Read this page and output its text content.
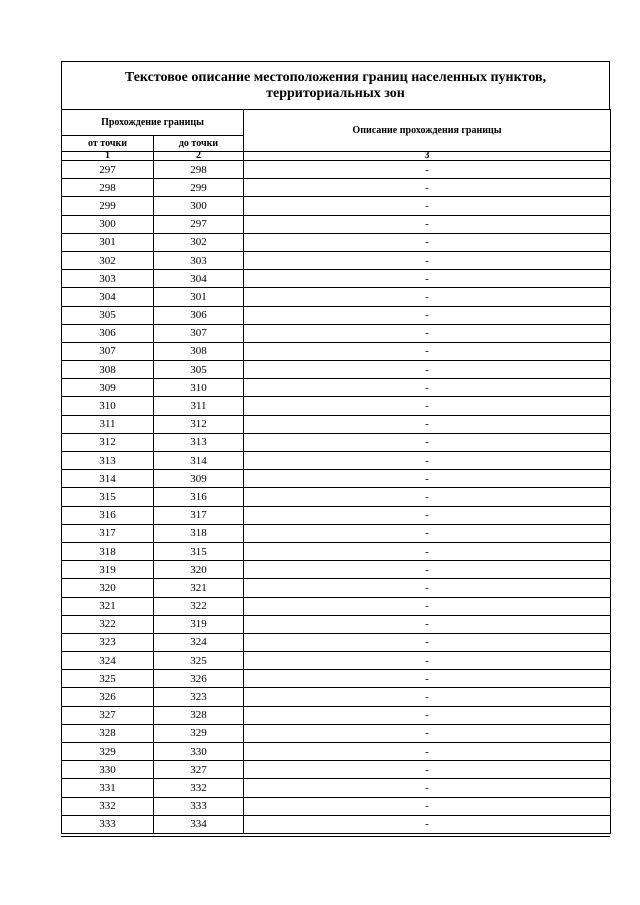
Текстовое описание местоположения границ населенных пунктов,
территориальных зон
Прохождение границы		Описание прохождения границы
от точки	до точки	
1	2	3
297	298	-
298	299	-
299	300	-
300	297	-
301	302	-
302	303	-
303	304	-
304	301	-
305	306	-
306	307	-
307	308	-
308	305	-
309	310	-
310	311	-
311	312	-
312	313	-
313	314	-
314	309	-
315	316	-
316	317	-
317	318	-
318	315	-
319	320	-
320	321	-
321	322	-
322	319	-
323	324	-
324	325	-
325	326	-
326	323	-
327	328	-
328	329	-
329	330	-
330	327	-
331	332	-
332	333	-
333	334	-
